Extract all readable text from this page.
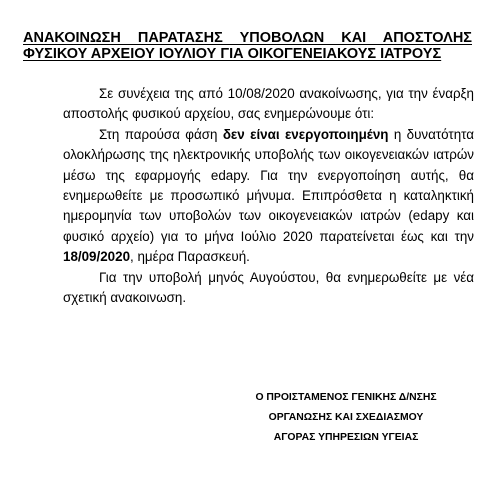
ΑΝΑΚΟΙΝΩΣΗ ΠΑΡΑΤΑΣΗΣ ΥΠΟΒΟΛΩΝ ΚΑΙ ΑΠΟΣΤΟΛΗΣ ΦΥΣΙΚΟΥ ΑΡΧΕΙΟΥ ΙΟΥΛΙΟΥ ΓΙΑ ΟΙΚΟΓΕΝΕΙΑΚΟΥΣ ΙΑΤΡΟΥΣ

Σε συνέχεια της από 10/08/2020 ανακοίνωσης, για την έναρξη αποστολής φυσικού αρχείου, σας ενημερώνουμε ότι:

Στη παρούσα φάση δεν είναι ενεργοποιημένη η δυνατότητα ολοκλήρωσης της ηλεκτρονικής υποβολής των οικογενειακών ιατρών μέσω της εφαρμογής edapy. Για την ενεργοποίηση αυτής, θα ενημερωθείτε με προσωπικό μήνυμα. Επιπρόσθετα η καταληκτική ημερομηνία των υποβολών των οικογενειακών ιατρών (edapy και φυσικό αρχείο) για το μήνα Ιούλιο 2020 παρατείνεται έως και την 18/09/2020, ημέρα Παρασκευή.

Για την υποβολή μηνός Αυγούστου, θα ενημερωθείτε με νέα σχετική ανακοινωση.

Ο ΠΡΟΙΣΤΑΜΕΝΟΣ ΓΕΝΙΚΗΣ Δ/ΝΣΗΣ
ΟΡΓΑΝΩΣΗΣ ΚΑΙ ΣΧΕΔΙΑΣΜΟΥ
ΑΓΟΡΑΣ ΥΠΗΡΕΣΙΩΝ ΥΓΕΙΑΣ
